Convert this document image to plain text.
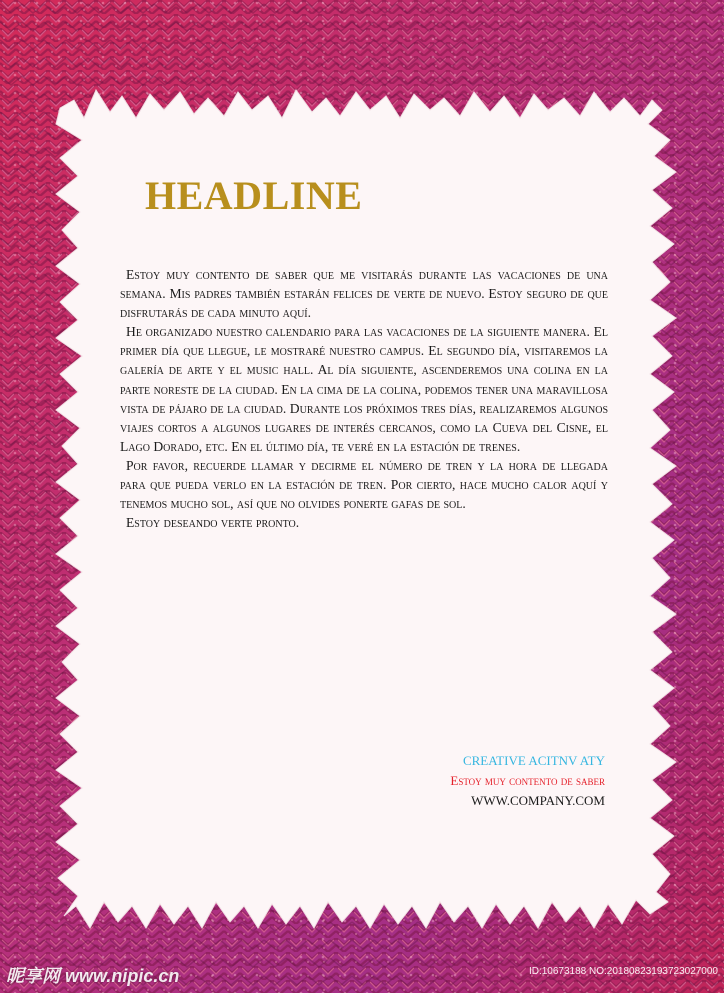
HEADLINE

Estoy muy contento de saber que me visitarás durante las vacaciones de una semana. Mis padres también estarán felices de verte de nuevo. Estoy seguro de que disfrutarás de cada minuto aquí.

He organizado nuestro calendario para las vacaciones de la siguiente manera. El primer día que llegue, le mostraré nuestro campus. El segundo día, visitaremos la galería de arte y el music hall. Al día siguiente, ascenderemos una colina en la parte noreste de la ciudad. En la cima de la colina, podemos tener una maravillosa vista de pájaro de la ciudad. Durante los próximos tres días, realizaremos algunos viajes cortos a algunos lugares de interés cercanos, como la Cueva del Cisne, el Lago Dorado, etc. En el último día, te veré en la estación de trenes.

Por favor, recuerde llamar y decirme el número de tren y la hora de llegada para que pueda verlo en la estación de tren. Por cierto, hace mucho calor aquí y tenemos mucho sol, así que no olvides ponerte gafas de sol.

Estoy deseando verte pronto.

CREATIVE ACITNV ATY
Estoy muy contento de saber
WWW.COMPANY.COM
昵享网 www.nipic.cn	ID:10673188 NO:20180823193723027000
